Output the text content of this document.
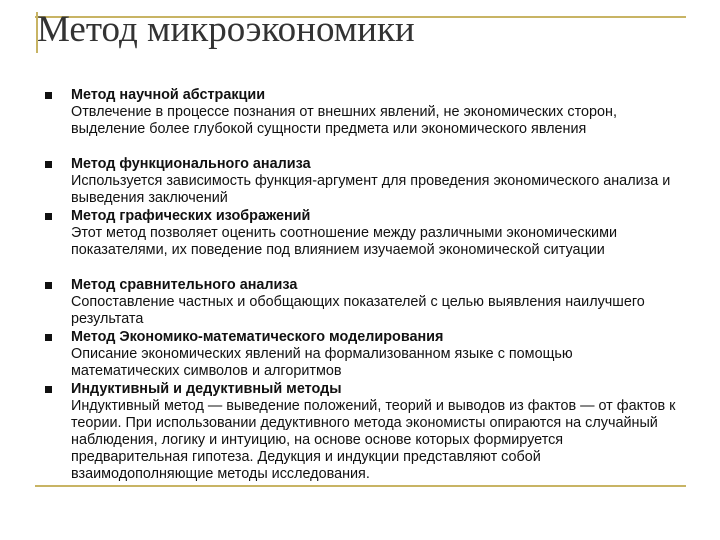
Метод микроэкономики
Метод научной абстракции
Отвлечение в процессе познания от внешних явлений, не экономических сторон, выделение более глубокой сущности предмета или экономического явления
Метод функционального анализа
Используется зависимость функция-аргумент для проведения экономического анализа и выведения заключений
Метод графических изображений
Этот метод позволяет оценить соотношение между различными экономическими показателями, их поведение под влиянием изучаемой экономической ситуации
Метод сравнительного анализа
Сопоставление частных и обобщающих показателей с целью выявления наилучшего результата
Метод Экономико-математического моделирования
Описание экономических явлений на формализованном языке с помощью математических символов и алгоритмов
Индуктивный и дедуктивный методы
Индуктивный метод — выведение положений, теорий и выводов из фактов — от фактов к теории. При использовании дедуктивного метода экономисты опираются на случайный наблюдения, логику и интуицию, на основе основе которых формируется предварительная гипотеза. Дедукция и индукции представляют собой взаимодополняющие методы исследования.
